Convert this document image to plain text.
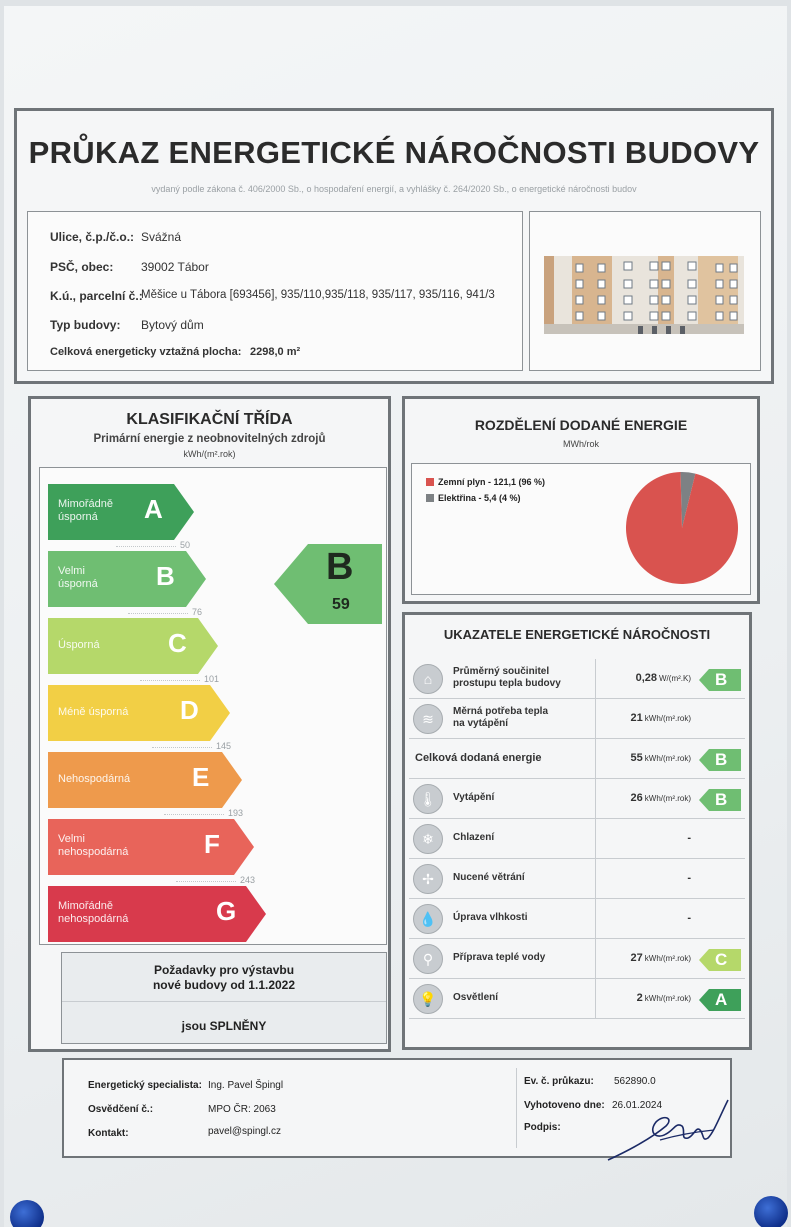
PRŮKAZ ENERGETICKÉ NÁROČNOSTI BUDOVY
vydaný podle zákona č. 406/2000 Sb., o hospodaření energií, a vyhlášky č. 264/2020 Sb., o energetické náročnosti budov
Ulice, č.p./č.o.: Svážná
PSČ, obec: 39002 Tábor
K.ú., parcelní č.:
Měšice u Tábora [693456], 935/110,935/118, 935/117, 935/116, 941/3
Typ budovy: Bytový dům
Celková energeticky vztažná plocha: 2298,0 m²
KLASIFIKAČNÍ TŘÍDA
Primární energie z neobnovitelných zdrojů
kWh/(m².rok)
Mimořádně
úsporná	A
50
Velmi
úsporná B
76
Úsporná	C
101
Méně úsporná D
145
Nehospodárná E
193
Velmi
nehospodárná	F
243
Mimořádně
nehospodárná	G
B
59
Požadavky pro výstavbu
nové budovy od 1.1.2022
jsou SPLNĚNY
ROZDĚLENÍ DODANÉ ENERGIE
MWh/rok
Zemní plyn - 121,1 (96 %)
Elektřina - 5,4 (4 %)
UKAZATELE ENERGETICKÉ NÁROČNOSTI
⌂	Průměrný součinitel
prostupu tepla budovy	0,28 W/(m².K) B
≋	Měrná potřeba tepla
na vytápění	21 kWh/(m².rok)
Celková dodaná energie	55 kWh/(m².rok) B
🌡	Vytápění	26 kWh/(m².rok) B
❄	Chlazení	-
✢	Nucené větrání	-
💧	Úprava vlhkosti	-
⚲	Příprava teplé vody	27 kWh/(m².rok) C
💡	Osvětlení	2 kWh/(m².rok) A
Energetický specialista: Ing. Pavel Špingl
Osvědčení č.:	MPO ČR: 2063
Kontakt:	pavel@spingl.cz
Ev. č. průkazu: 562890.0
Vyhotoveno dne: 26.01.2024
Podpis:
